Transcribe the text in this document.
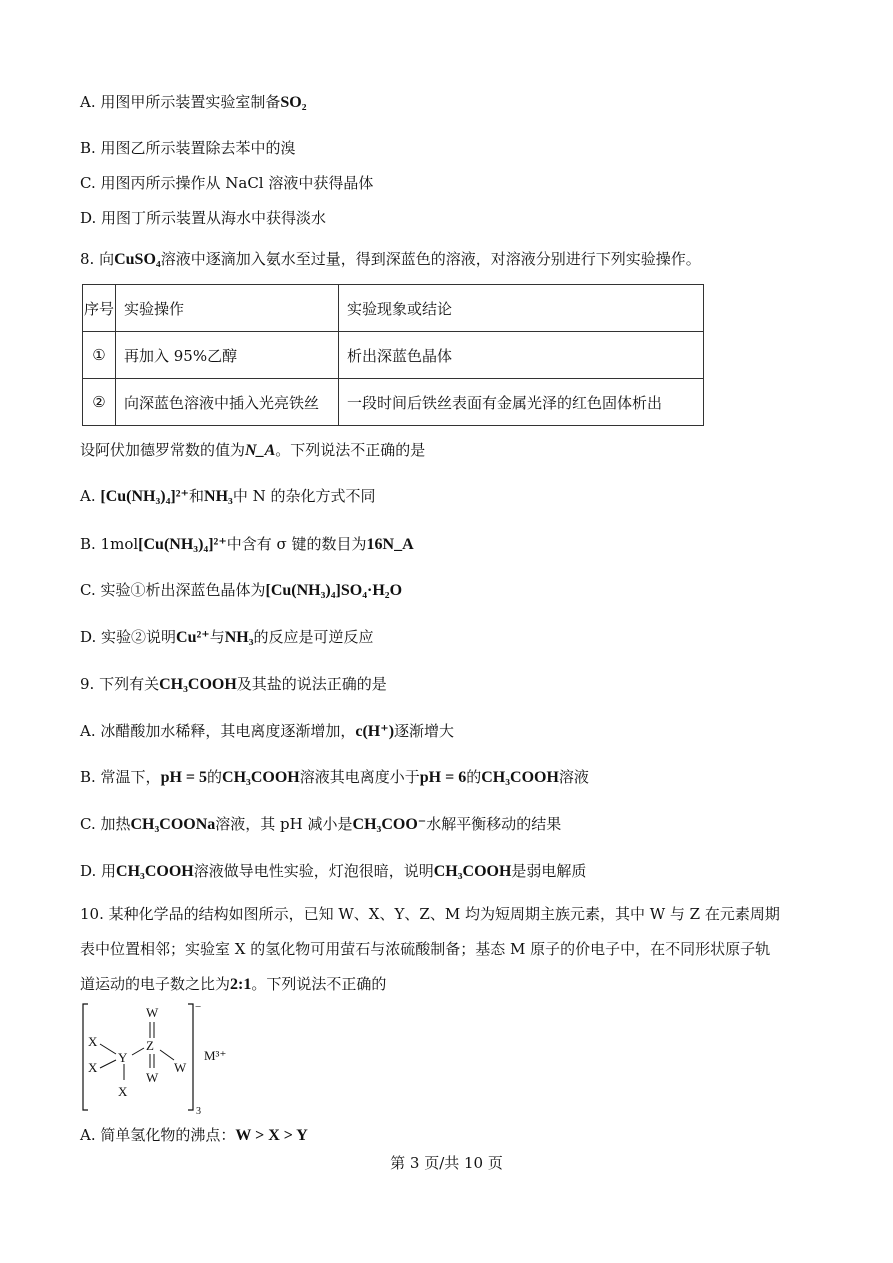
A. 用图甲所示装置实验室制备SO₂
B. 用图乙所示装置除去苯中的溴
C. 用图丙所示操作从 NaCl 溶液中获得晶体
D. 用图丁所示装置从海水中获得淡水
8. 向CuSO₄溶液中逐滴加入氨水至过量，得到深蓝色的溶液，对溶液分别进行下列实验操作。
序号	实验操作	实验现象或结论
①	再加入 95%乙醇	析出深蓝色晶体
②	向深蓝色溶液中插入光亮铁丝	一段时间后铁丝表面有金属光泽的红色固体析出
设阿伏加德罗常数的值为N_A。下列说法不正确的是
A. [Cu(NH₃)₄]²⁺和NH₃中 N 的杂化方式不同
B. 1mol[Cu(NH₃)₄]²⁺中含有 σ 键的数目为16N_A
C. 实验①析出深蓝色晶体为[Cu(NH₃)₄]SO₄·H₂O
D. 实验②说明Cu²⁺与NH₃的反应是可逆反应
9. 下列有关CH₃COOH及其盐的说法正确的是
A. 冰醋酸加水稀释，其电离度逐渐增加，c(H⁺)逐渐增大
B. 常温下，pH = 5的CH₃COOH溶液其电离度小于pH = 6的CH₃COOH溶液
C. 加热CH₃COONa溶液，其 pH 减小是CH₃COO⁻水解平衡移动的结果
D. 用CH₃COOH溶液做导电性实验，灯泡很暗，说明CH₃COOH是弱电解质
10. 某种化学品的结构如图所示，已知 W、X、Y、Z、M 均为短周期主族元素，其中 W 与 Z 在元素周期
表中位置相邻；实验室 X 的氢化物可用萤石与浓硫酸制备；基态 M 原子的价电子中，在不同形状原子轨
道运动的电子数之比为2:1。下列说法不正确的
W
W
W
X
X
X
Y
Z
−
3
M³⁺
A. 简单氢化物的沸点：W > X > Y
第 3 页/共 10 页
